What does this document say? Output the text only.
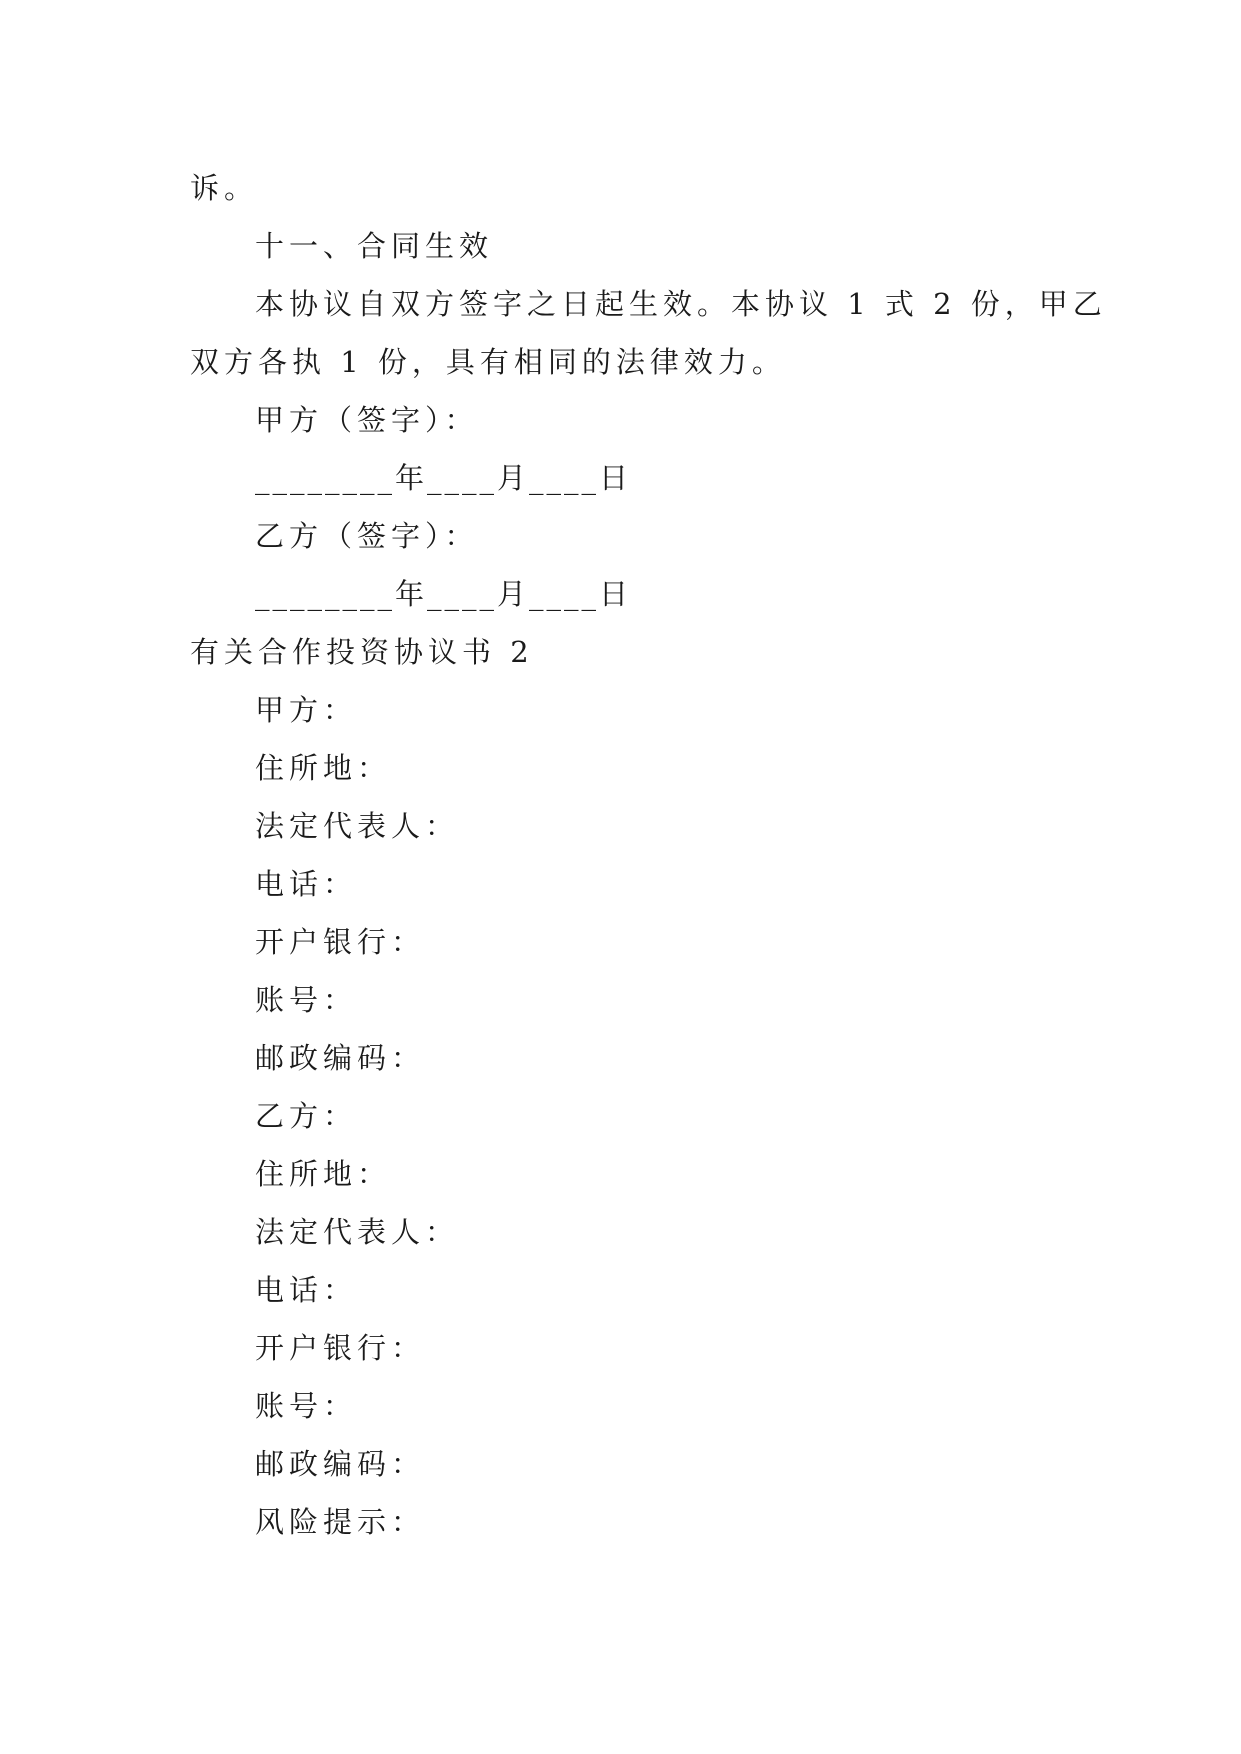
诉。

十一、合同生效

本协议自双方签字之日起生效。本协议 1 式 2 份，甲乙

双方各执 1 份，具有相同的法律效力。

甲方（签字）：

________年____月____日

乙方（签字）：

________年____月____日

有关合作投资协议书 2

甲方：

住所地：

法定代表人：

电话：

开户银行：

账号：

邮政编码：

乙方：

住所地：

法定代表人：

电话：

开户银行：

账号：

邮政编码：

风险提示：
